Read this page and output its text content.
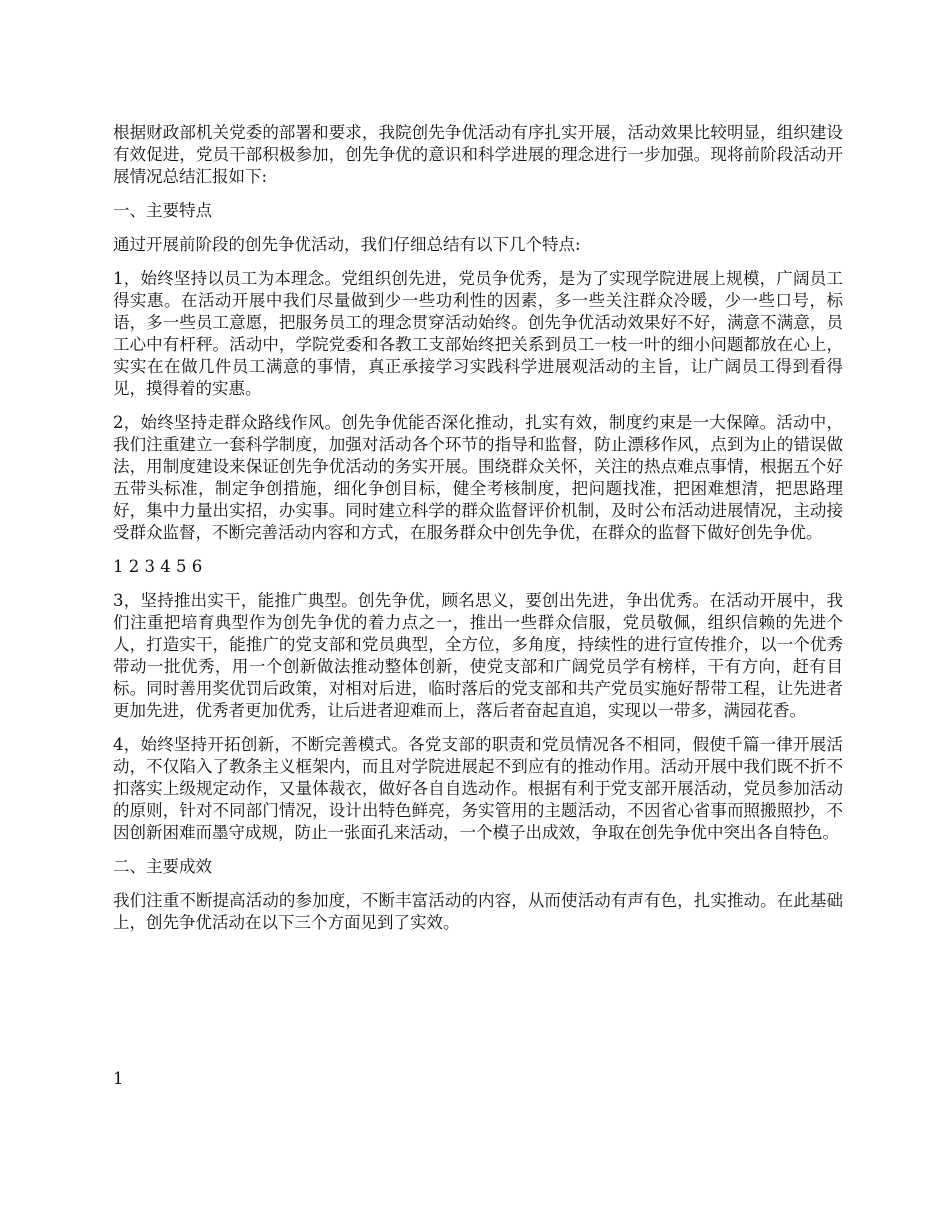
根据财政部机关党委的部署和要求，我院创先争优活动有序扎实开展，活动效果比较明显，组织建设有效促进，党员干部积极参加，创先争优的意识和科学进展的理念进行一步加强。现将前阶段活动开展情况总结汇报如下:

一、主要特点

通过开展前阶段的创先争优活动，我们仔细总结有以下几个特点:

1，始终坚持以员工为本理念。党组织创先进，党员争优秀，是为了实现学院进展上规模，广阔员工得实惠。在活动开展中我们尽量做到少一些功利性的因素，多一些关注群众冷暖，少一些口号，标语，多一些员工意愿，把服务员工的理念贯穿活动始终。创先争优活动效果好不好，满意不满意，员工心中有杆秤。活动中，学院党委和各教工支部始终把关系到员工一枝一叶的细小问题都放在心上，实实在在做几件员工满意的事情，真正承接学习实践科学进展观活动的主旨，让广阔员工得到看得见，摸得着的实惠。

2，始终坚持走群众路线作风。创先争优能否深化推动，扎实有效，制度约束是一大保障。活动中，我们注重建立一套科学制度，加强对活动各个环节的指导和监督，防止漂移作风，点到为止的错误做法，用制度建设来保证创先争优活动的务实开展。围绕群众关怀，关注的热点难点事情，根据五个好五带头标准，制定争创措施，细化争创目标，健全考核制度，把问题找准，把困难想清，把思路理好，集中力量出实招，办实事。同时建立科学的群众监督评价机制，及时公布活动进展情况，主动接受群众监督，不断完善活动内容和方式，在服务群众中创先争优，在群众的监督下做好创先争优。

1 2 3 4 5 6

3，坚持推出实干，能推广典型。创先争优，顾名思义，要创出先进，争出优秀。在活动开展中，我们注重把培育典型作为创先争优的着力点之一，推出一些群众信服，党员敬佩，组织信赖的先进个人，打造实干，能推广的党支部和党员典型，全方位，多角度，持续性的进行宣传推介，以一个优秀带动一批优秀，用一个创新做法推动整体创新，使党支部和广阔党员学有榜样，干有方向，赶有目标。同时善用奖优罚后政策，对相对后进，临时落后的党支部和共产党员实施好帮带工程，让先进者更加先进，优秀者更加优秀，让后进者迎难而上，落后者奋起直追，实现以一带多，满园花香。

4，始终坚持开拓创新，不断完善模式。各党支部的职责和党员情况各不相同，假使千篇一律开展活动，不仅陷入了教条主义框架内，而且对学院进展起不到应有的推动作用。活动开展中我们既不折不扣落实上级规定动作，又量体裁衣，做好各自自选动作。根据有利于党支部开展活动，党员参加活动的原则，针对不同部门情况，设计出特色鲜亮，务实管用的主题活动，不因省心省事而照搬照抄，不因创新困难而墨守成规，防止一张面孔来活动，一个模子出成效，争取在创先争优中突出各自特色。

二、主要成效

我们注重不断提高活动的参加度，不断丰富活动的内容，从而使活动有声有色，扎实推动。在此基础上，创先争优活动在以下三个方面见到了实效。

1
